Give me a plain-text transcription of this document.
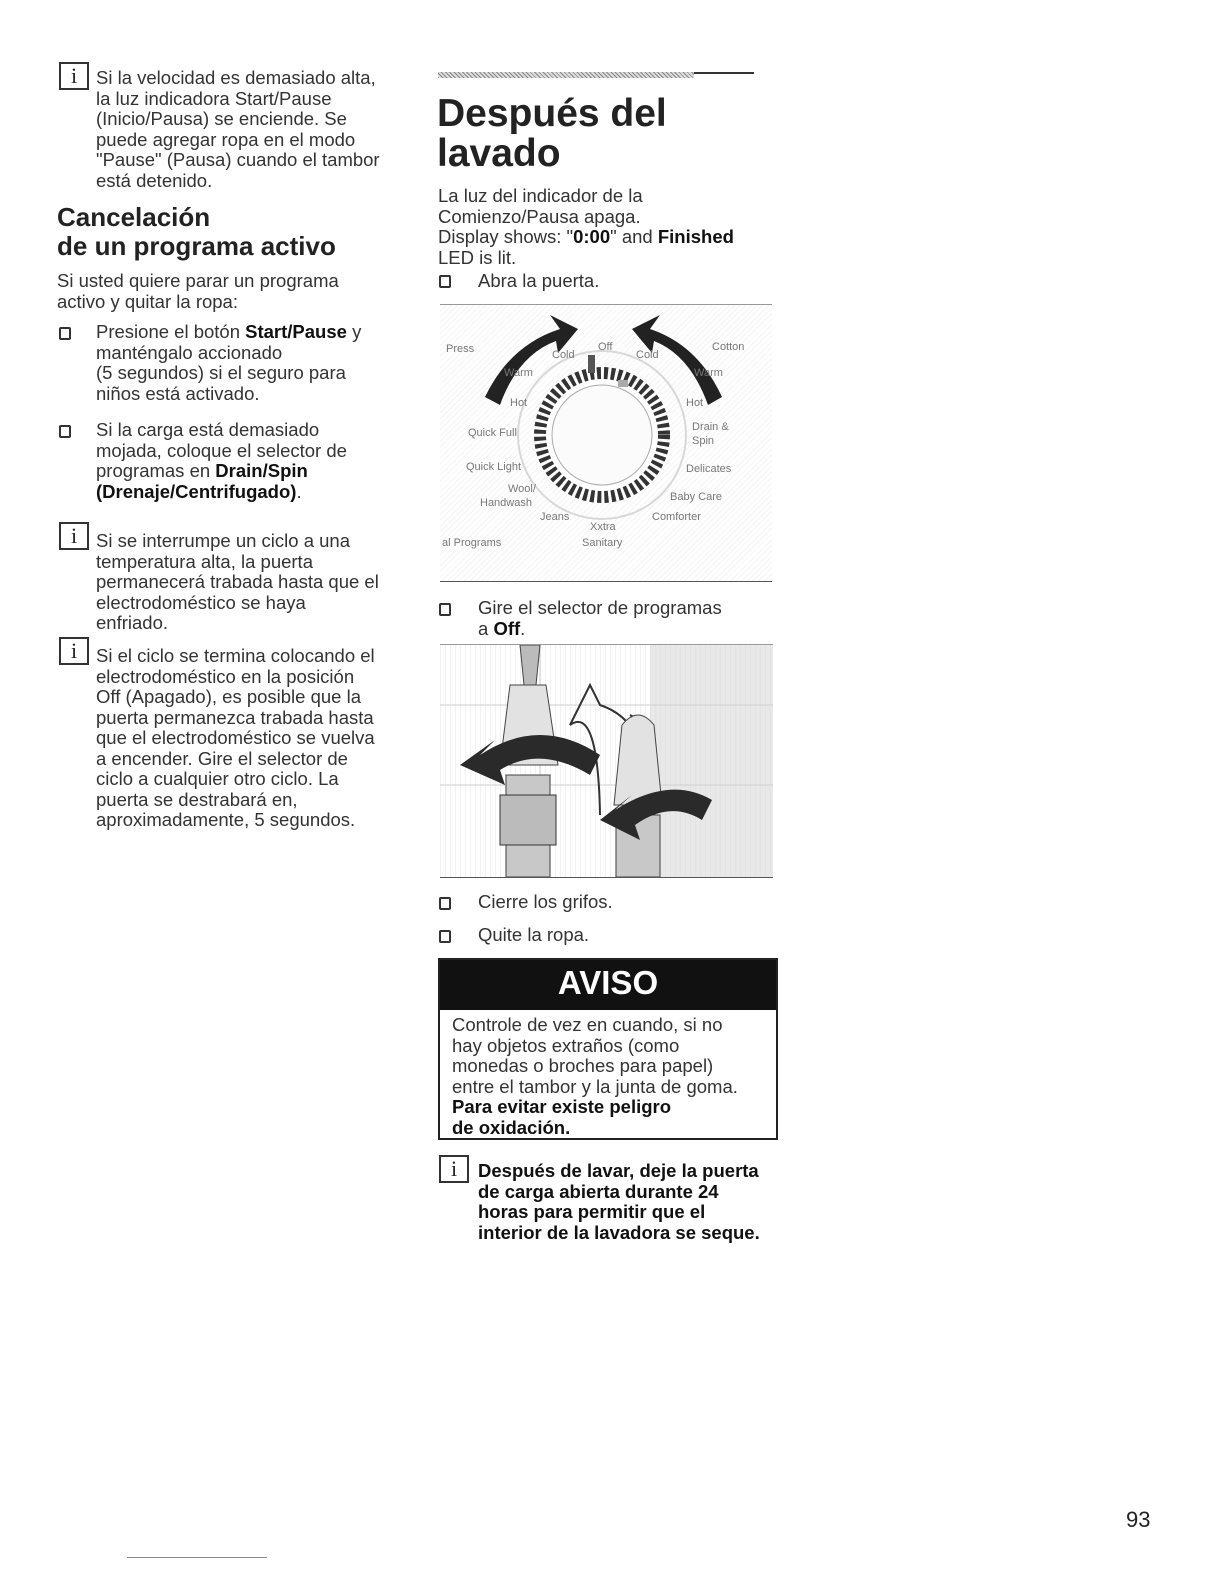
i	Si la velocidad es demasiado alta,
la luz indicadora Start/Pause
(Inicio/Pausa) se enciende. Se
puede agregar ropa en el modo
"Pause" (Pausa) cuando el tambor
está detenido.
Cancelación
de un programa activo
Si usted quiere parar un programa
activo y quitar la ropa:
Presione el botón Start/Pause y
manténgalo accionado
(5 segundos) si el seguro para
niños está activado.
Si la carga está demasiado
mojada, coloque el selector de
programas en Drain/Spin
(Drenaje/Centrifugado).
i	Si se interrumpe un ciclo a una
temperatura alta, la puerta
permanecerá trabada hasta que el
electrodoméstico se haya
enfriado.
i	Si el ciclo se termina colocando el
electrodoméstico en la posición
Off (Apagado), es posible que la
puerta permanezca trabada hasta
que el electrodoméstico se vuelva
a encender. Gire el selector de
ciclo a cualquier otro ciclo. La
puerta se destrabará en,
aproximadamente, 5 segundos.
Después del
lavado
La luz del indicador de la
Comienzo/Pausa apaga.
Display shows: "0:00" and Finished
LED is lit.
Abra la puerta.
Press	Cold
Off
Cold
Cotton
Warm	Warm
Hot	Hot
Quick Full	Drain &
Spin
Quick Light	Delicates
Wool/
Handwash	Baby Care
Jeans	Comforter
Xxtra
al Programs	Sanitary
Gire el selector de programas
a Off.
Cierre los grifos.
Quite la ropa.
AVISO
Controle de vez en cuando, si no
hay objetos extraños (como
monedas o broches para papel)
entre el tambor y la junta de goma.
Para evitar existe peligro
de oxidación.
i	Después de lavar, deje la puerta
de carga abierta durante 24
horas para permitir que el
interior de la lavadora se seque.
93
